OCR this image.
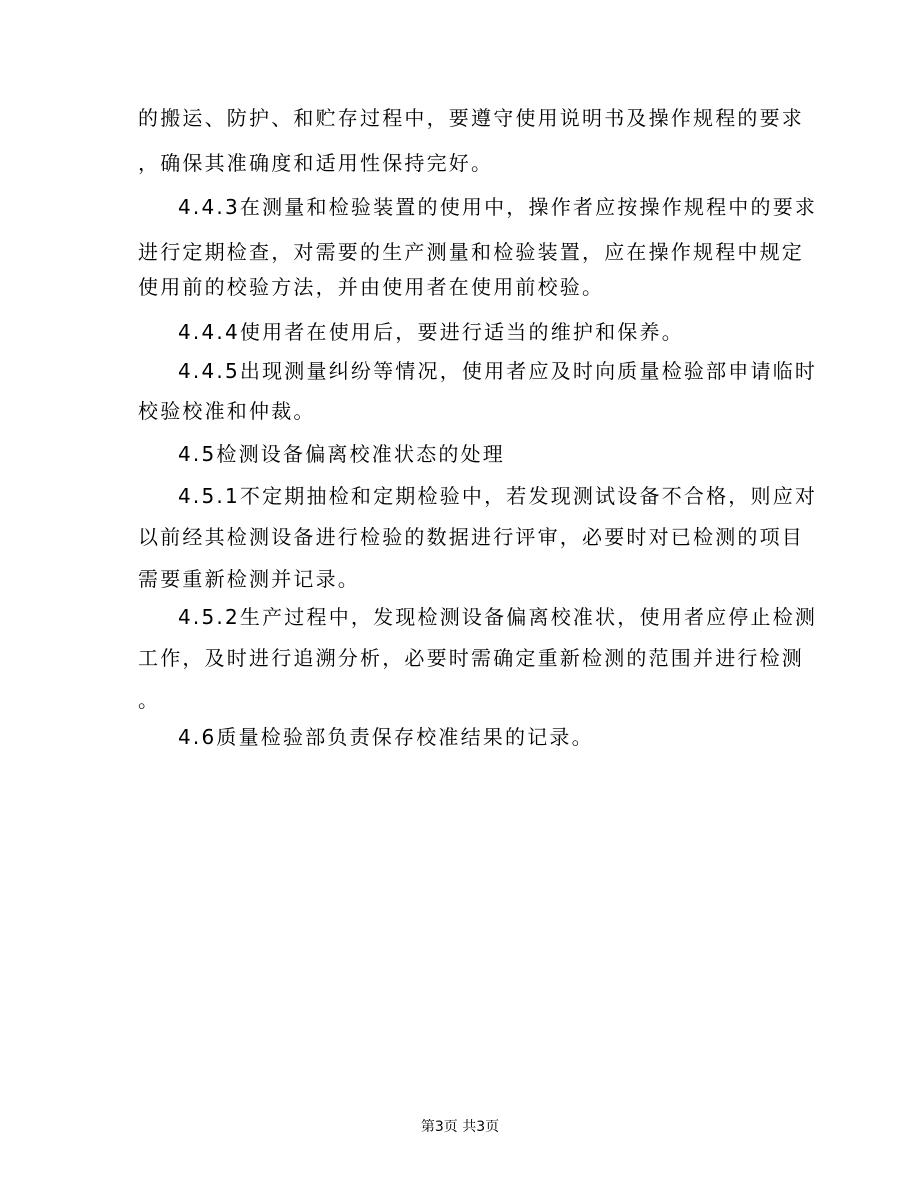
的搬运、防护、和贮存过程中，要遵守使用说明书及操作规程的要求
，确保其准确度和适用性保持完好。
4.4.3在测量和检验装置的使用中，操作者应按操作规程中的要求
进行定期检查，对需要的生产测量和检验装置，应在操作规程中规定
使用前的校验方法，并由使用者在使用前校验。
4.4.4使用者在使用后，要进行适当的维护和保养。
4.4.5出现测量纠纷等情况，使用者应及时向质量检验部申请临时
校验校准和仲裁。
4.5检测设备偏离校准状态的处理
4.5.1不定期抽检和定期检验中，若发现测试设备不合格，则应对
以前经其检测设备进行检验的数据进行评审，必要时对已检测的项目
需要重新检测并记录。
4.5.2生产过程中，发现检测设备偏离校准状，使用者应停止检测
工作，及时进行追溯分析，必要时需确定重新检测的范围并进行检测
。
4.6质量检验部负责保存校准结果的记录。
第3页 共3页
